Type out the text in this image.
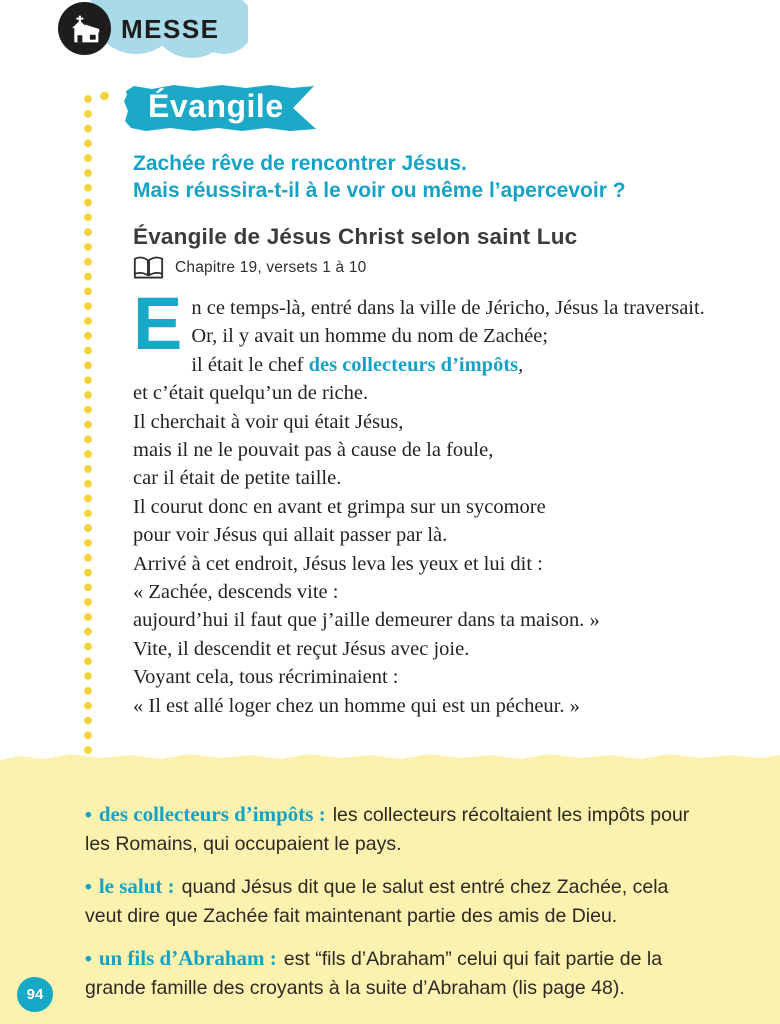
MESSE
Évangile
Zachée rêve de rencontrer Jésus.
Mais réussira-t-il à le voir ou même l’apercevoir ?
Évangile de Jésus Christ selon saint Luc
Chapitre 19, versets 1 à 10
E n ce temps-là, entré dans la ville de Jéricho, Jésus la traversait.
Or, il y avait un homme du nom de Zachée;
il était le chef des collecteurs d’impôts,
et c’était quelqu’un de riche.
Il cherchait à voir qui était Jésus,
mais il ne le pouvait pas à cause de la foule,
car il était de petite taille.
Il courut donc en avant et grimpa sur un sycomore
pour voir Jésus qui allait passer par là.
Arrivé à cet endroit, Jésus leva les yeux et lui dit :
« Zachée, descends vite :
aujourd’hui il faut que j’aille demeurer dans ta maison. »
Vite, il descendit et reçut Jésus avec joie.
Voyant cela, tous récriminaient :
« Il est allé loger chez un homme qui est un pécheur. »

• des collecteurs d’impôts : les collecteurs récoltaient les impôts pour les Romains, qui occupaient le pays.

• le salut : quand Jésus dit que le salut est entré chez Zachée, cela veut dire que Zachée fait maintenant partie des amis de Dieu.

• un fils d’Abraham : est “fils d’Abraham” celui qui fait partie de la grande famille des croyants à la suite d’Abraham (lis page 48).

94
